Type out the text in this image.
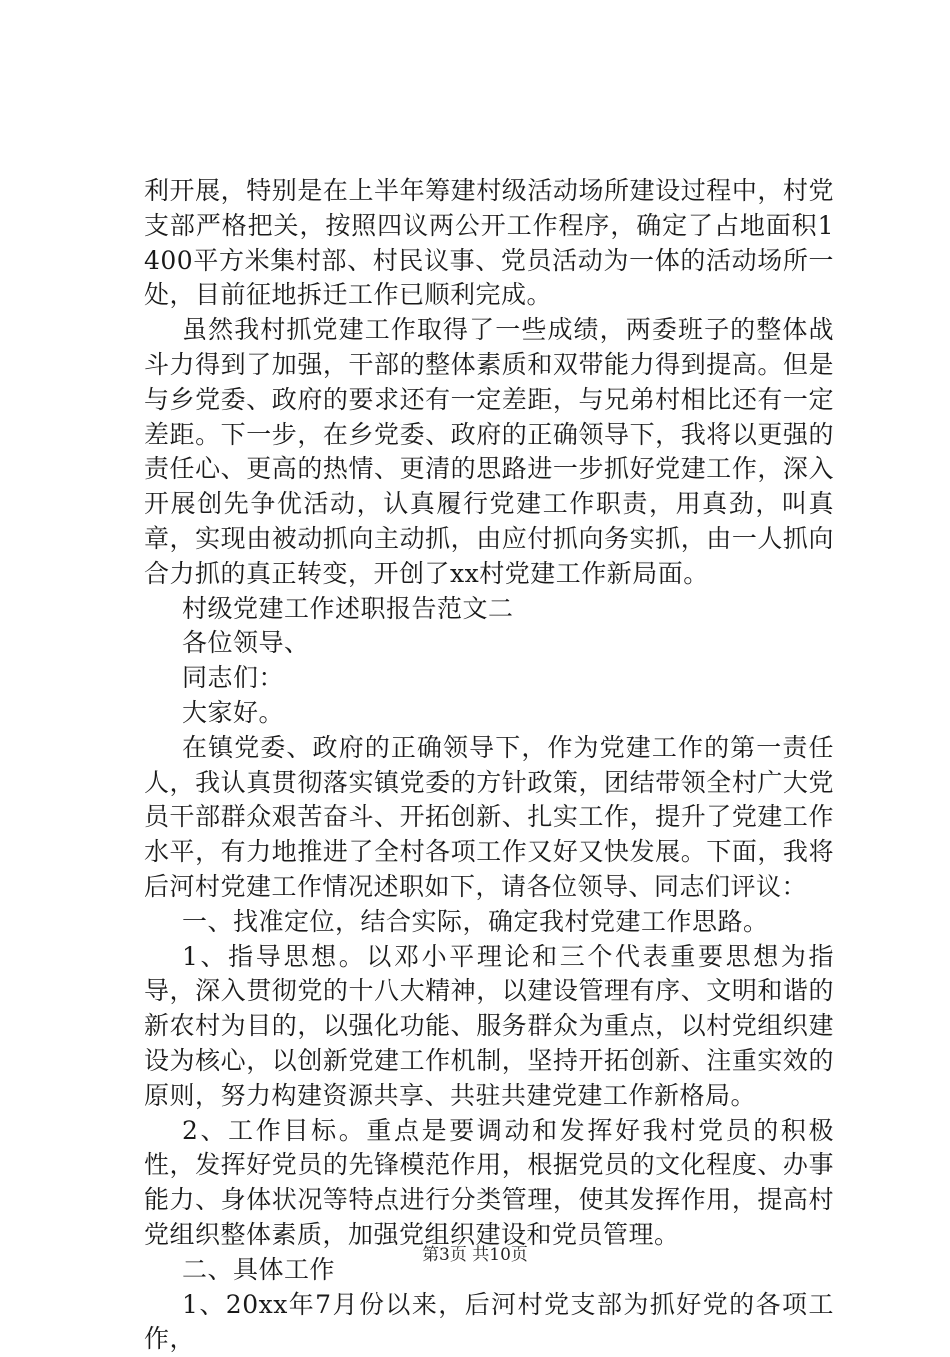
利开展，特别是在上半年筹建村级活动场所建设过程中，村党支部严格把关，按照四议两公开工作程序，确定了占地面积1400平方米集村部、村民议事、党员活动为一体的活动场所一处，目前征地拆迁工作已顺利完成。

虽然我村抓党建工作取得了一些成绩，两委班子的整体战斗力得到了加强，干部的整体素质和双带能力得到提高。但是与乡党委、政府的要求还有一定差距，与兄弟村相比还有一定差距。下一步，在乡党委、政府的正确领导下，我将以更强的责任心、更高的热情、更清的思路进一步抓好党建工作，深入开展创先争优活动，认真履行党建工作职责，用真劲，叫真章，实现由被动抓向主动抓，由应付抓向务实抓，由一人抓向合力抓的真正转变，开创了xx村党建工作新局面。

村级党建工作述职报告范文二

各位领导、

同志们：

大家好。

在镇党委、政府的正确领导下，作为党建工作的第一责任人，我认真贯彻落实镇党委的方针政策，团结带领全村广大党员干部群众艰苦奋斗、开拓创新、扎实工作，提升了党建工作水平，有力地推进了全村各项工作又好又快发展。下面，我将后河村党建工作情况述职如下，请各位领导、同志们评议：

一、找准定位，结合实际，确定我村党建工作思路。

1、指导思想。以邓小平理论和三个代表重要思想为指导，深入贯彻党的十八大精神，以建设管理有序、文明和谐的新农村为目的，以强化功能、服务群众为重点，以村党组织建设为核心，以创新党建工作机制，坚持开拓创新、注重实效的原则，努力构建资源共享、共驻共建党建工作新格局。

2、工作目标。重点是要调动和发挥好我村党员的积极性，发挥好党员的先锋模范作用，根据党员的文化程度、办事能力、身体状况等特点进行分类管理，使其发挥作用，提高村党组织整体素质，加强党组织建设和党员管理。

二、具体工作

1、20xx年7月份以来，后河村党支部为抓好党的各项工作，

第3页 共10页
